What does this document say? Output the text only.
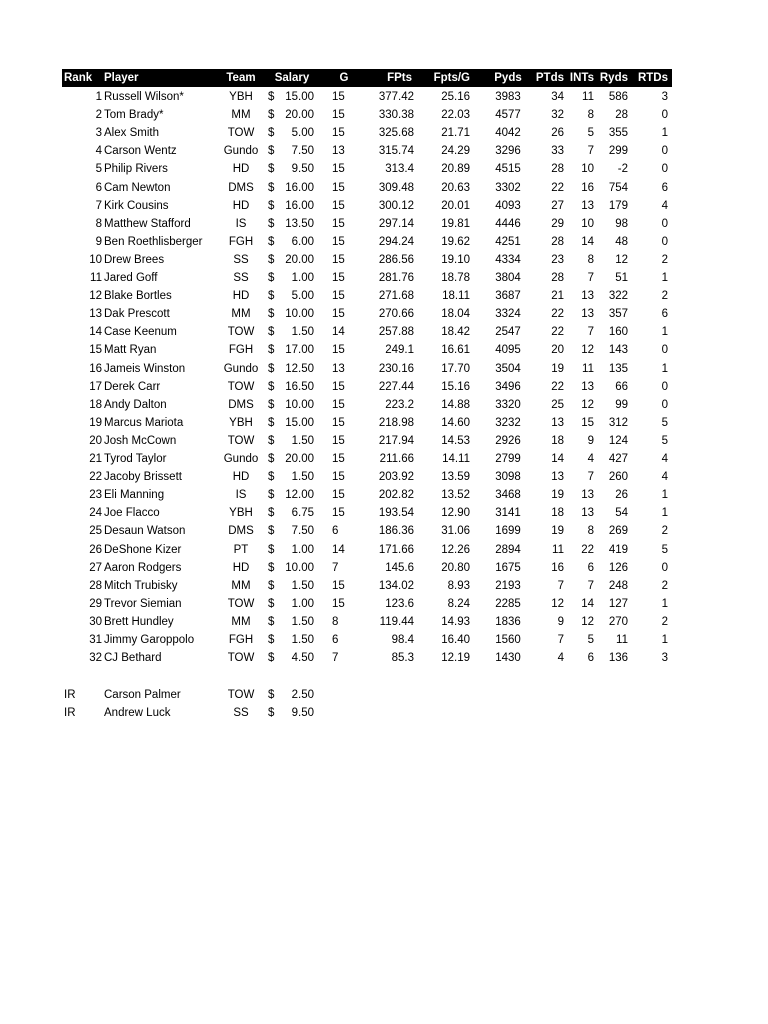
Rank Player	Team	Salary	G	FPts	Fpts/G	Pyds	PTds INTs Ryds RTDs
$
1 Russell Wilson*	YBH	15.00 15	377.42	25.16	3983	34	11	586	3
$
2 Tom Brady*	MM	20.00 15	330.38	22.03	4577	32	8	28	0
$
3 Alex Smith	TOW	5.00 15	325.68	21.71	4042	26	5	355	1
$
4 Carson Wentz	Gundo	7.50 13	315.74	24.29	3296	33	7	299	0
$
5 Philip Rivers	HD	9.50 15	313.4	20.89	4515	28	10	-2	0
$
6 Cam Newton	DMS	16.00 15	309.48	20.63	3302	22	16	754	6
$
7 Kirk Cousins	HD	16.00 15	300.12	20.01	4093	27	13	179	4
$
8 Matthew Stafford	IS	13.50 15	297.14	19.81	4446	29	10	98	0
$
9 Ben Roethlisberger	FGH	6.00 15	294.24	19.62	4251	28	14	48	0
$
10 Drew Brees	SS	20.00 15	286.56	19.10	4334	23	8	12	2
$
11 Jared Goff	SS	1.00 15	281.76	18.78	3804	28	7	51	1
$
12 Blake Bortles	HD	5.00 15	271.68	18.11	3687	21	13	322	2
$
13 Dak Prescott	MM	10.00 15	270.66	18.04	3324	22	13	357	6
$
14 Case Keenum	TOW	1.50 14	257.88	18.42	2547	22	7	160	1
$
15 Matt Ryan	FGH	17.00 15	249.1	16.61	4095	20	12	143	0
$
16 Jameis Winston	Gundo	12.50 13	230.16	17.70	3504	19	11	135	1
$
17 Derek Carr	TOW	16.50 15	227.44	15.16	3496	22	13	66	0
$
18 Andy Dalton	DMS	10.00 15	223.2	14.88	3320	25	12	99	0
$
19 Marcus Mariota	YBH	15.00 15	218.98	14.60	3232	13	15	312	5
$
20 Josh McCown	TOW	1.50 15	217.94	14.53	2926	18	9	124	5
$
21 Tyrod Taylor	Gundo	20.00 15	211.66	14.11	2799	14	4	427	4
$
22 Jacoby Brissett	HD	1.50 15	203.92	13.59	3098	13	7	260	4
$
23 Eli Manning	IS	12.00 15	202.82	13.52	3468	19	13	26	1
$
24 Joe Flacco	YBH	6.75 15	193.54	12.90	3141	18	13	54	1
$
25 Desaun Watson	DMS	7.50 6	186.36	31.06	1699	19	8	269	2
$
26 DeShone Kizer	PT	1.00 14	171.66	12.26	2894	11	22	419	5
$
27 Aaron Rodgers	HD	10.00 7	145.6	20.80	1675	16	6	126	0
$
28 Mitch Trubisky	MM	1.50 15	134.02	8.93	2193	7	7	248	2
$
29 Trevor Siemian	TOW	1.00 15	123.6	8.24	2285	12	14	127	1
$
30 Brett Hundley	MM	1.50 8	119.44	14.93	1836	9	12	270	2
$
31 Jimmy Garoppolo	FGH	1.50 6	98.4	16.40	1560	7	5	11	1
$
32 CJ Bethard	TOW	4.50 7	85.3	12.19	1430	4	6	136	3
$
IR	Carson Palmer	TOW	2.50
$
IR	Andrew Luck	SS	9.50
